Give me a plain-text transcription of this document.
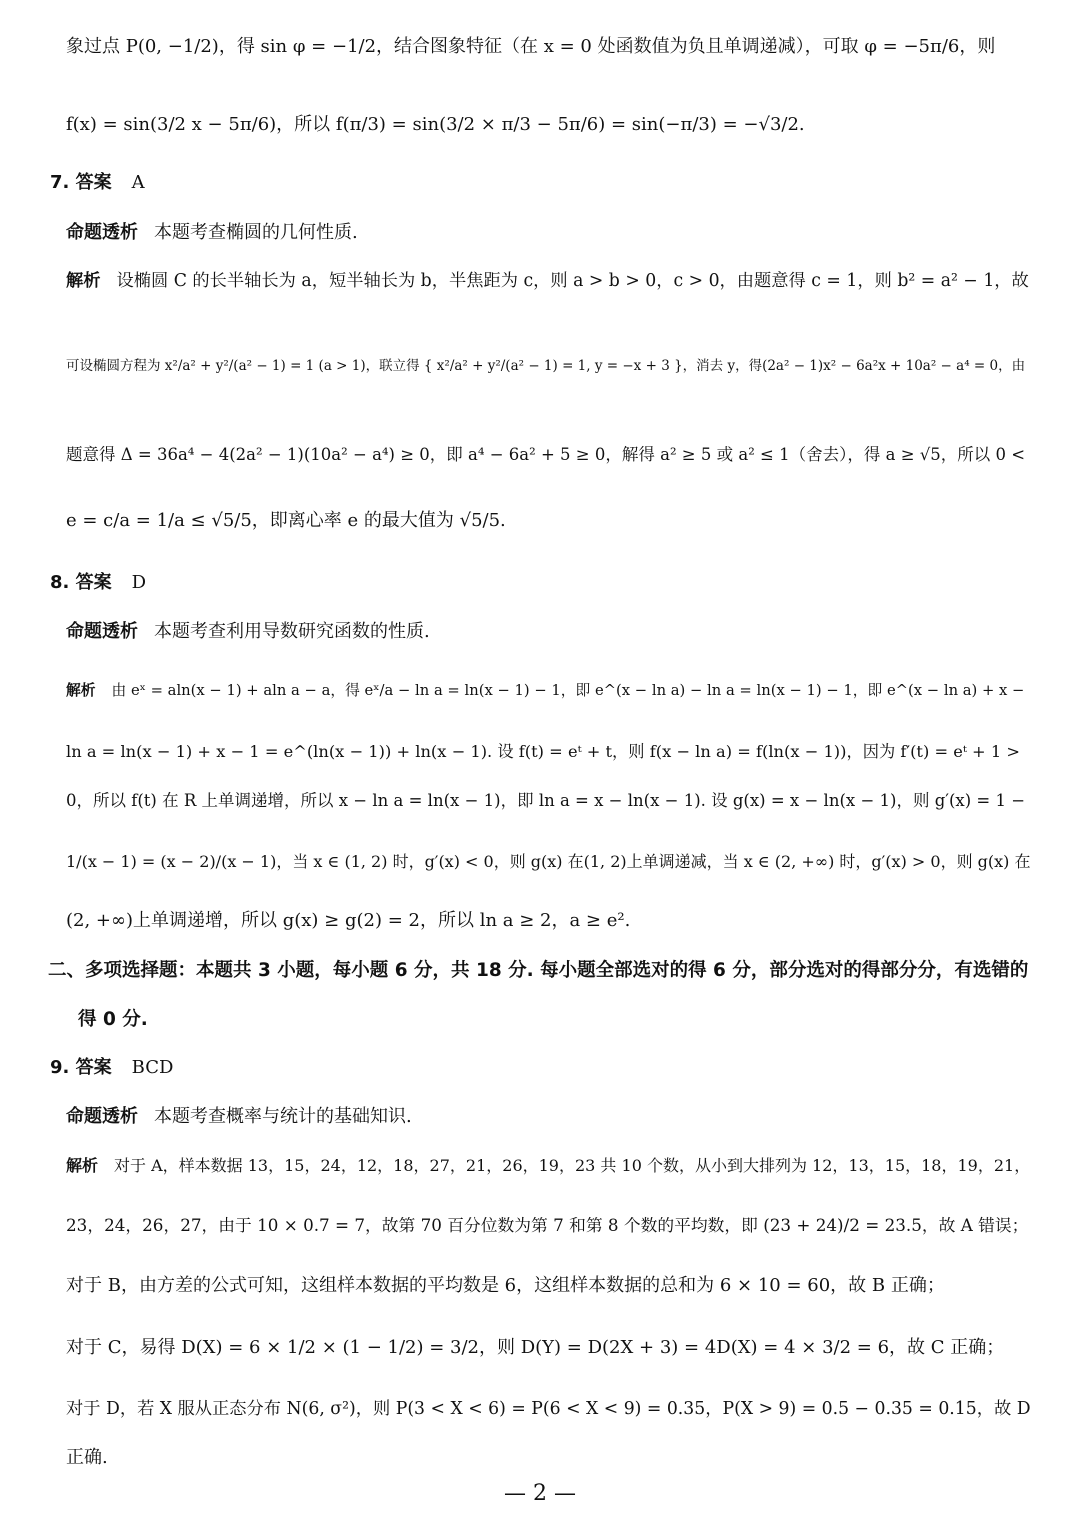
象过点 P(0, −1/2)，得 sin φ = −1/2，结合图象特征（在 x = 0 处函数值为负且单调递减），可取 φ = −5π/6，则
f(x) = sin(3/2 x − 5π/6)，所以 f(π/3) = sin(3/2 × π/3 − 5π/6) = sin(−π/3) = −√3/2.
7. 答案 A
命题透析 本题考查椭圆的几何性质.
解析 设椭圆 C 的长半轴长为 a，短半轴长为 b，半焦距为 c，则 a > b > 0，c > 0，由题意得 c = 1，则 b² = a² − 1，故
可设椭圆方程为 x²/a² + y²/(a² − 1) = 1 (a > 1)，联立得 { x²/a² + y²/(a² − 1) = 1, y = −x + 3 }，消去 y，得(2a² − 1)x² − 6a²x + 10a² − a⁴ = 0，由
题意得 Δ = 36a⁴ − 4(2a² − 1)(10a² − a⁴) ≥ 0，即 a⁴ − 6a² + 5 ≥ 0，解得 a² ≥ 5 或 a² ≤ 1（舍去），得 a ≥ √5，所以 0 <
e = c/a = 1/a ≤ √5/5，即离心率 e 的最大值为 √5/5.
8. 答案 D
命题透析 本题考查利用导数研究函数的性质.
解析 由 eˣ = aln(x − 1) + aln a − a，得 eˣ/a − ln a = ln(x − 1) − 1，即 e^(x − ln a) − ln a = ln(x − 1) − 1，即 e^(x − ln a) + x −
ln a = ln(x − 1) + x − 1 = e^(ln(x − 1)) + ln(x − 1). 设 f(t) = eᵗ + t，则 f(x − ln a) = f(ln(x − 1))，因为 f′(t) = eᵗ + 1 >
0，所以 f(t) 在 R 上单调递增，所以 x − ln a = ln(x − 1)，即 ln a = x − ln(x − 1). 设 g(x) = x − ln(x − 1)，则 g′(x) = 1 −
1/(x − 1) = (x − 2)/(x − 1)，当 x ∈ (1, 2) 时，g′(x) < 0，则 g(x) 在(1, 2)上单调递减，当 x ∈ (2, +∞) 时，g′(x) > 0，则 g(x) 在
(2, +∞)上单调递增，所以 g(x) ≥ g(2) = 2，所以 ln a ≥ 2，a ≥ e².
二、多项选择题：本题共 3 小题，每小题 6 分，共 18 分. 每小题全部选对的得 6 分，部分选对的得部分分，有选错的
得 0 分.
9. 答案 BCD
命题透析 本题考查概率与统计的基础知识.
解析 对于 A，样本数据 13，15，24，12，18，27，21，26，19，23 共 10 个数，从小到大排列为 12，13，15，18，19，21，
23，24，26，27，由于 10 × 0.7 = 7，故第 70 百分位数为第 7 和第 8 个数的平均数，即 (23 + 24)/2 = 23.5，故 A 错误；
对于 B，由方差的公式可知，这组样本数据的平均数是 6，这组样本数据的总和为 6 × 10 = 60，故 B 正确；
对于 C，易得 D(X) = 6 × 1/2 × (1 − 1/2) = 3/2，则 D(Y) = D(2X + 3) = 4D(X) = 4 × 3/2 = 6，故 C 正确；
对于 D，若 X 服从正态分布 N(6, σ²)，则 P(3 < X < 6) = P(6 < X < 9) = 0.35，P(X > 9) = 0.5 − 0.35 = 0.15，故 D
正确.
— 2 —
